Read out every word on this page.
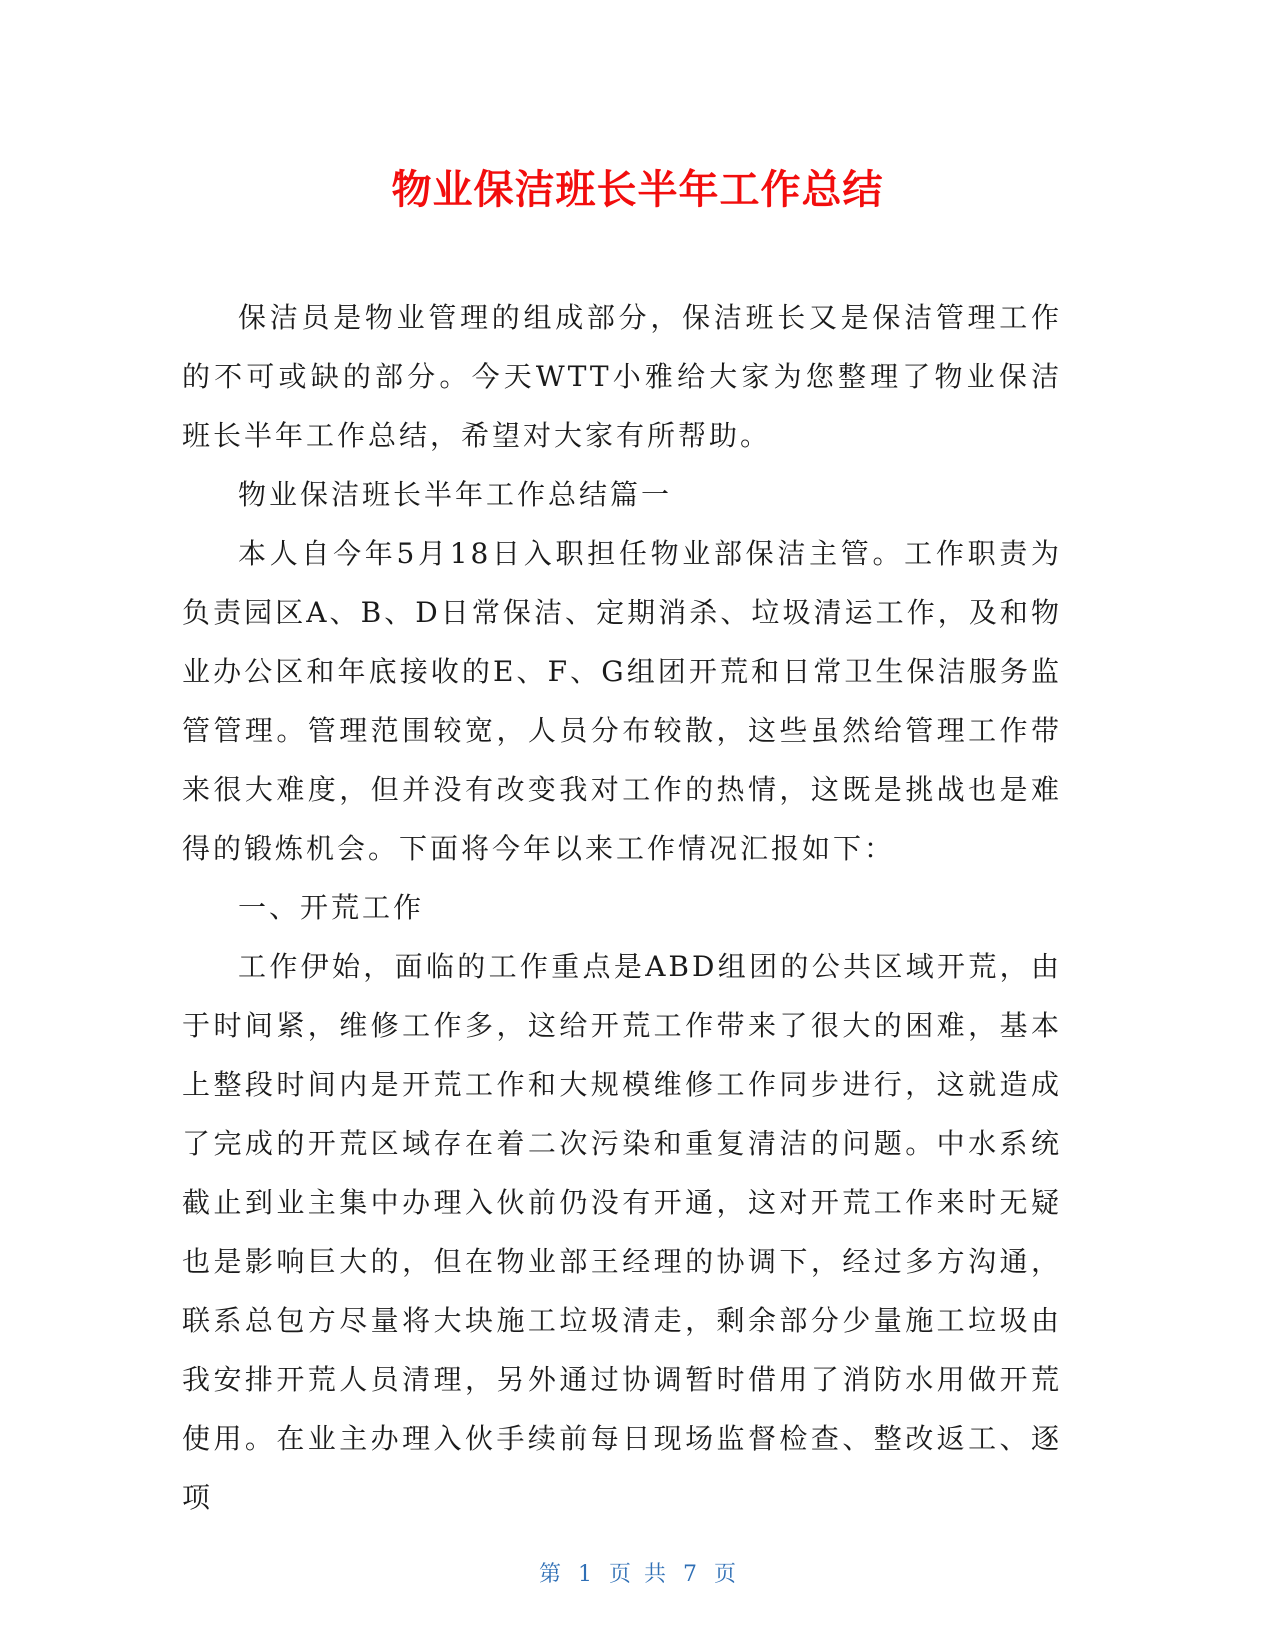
物业保洁班长半年工作总结

保洁员是物业管理的组成部分，保洁班长又是保洁管理工作的不可或缺的部分。今天WTT小雅给大家为您整理了物业保洁班长半年工作总结，希望对大家有所帮助。

物业保洁班长半年工作总结篇一

本人自今年5月18日入职担任物业部保洁主管。工作职责为负责园区A、B、D日常保洁、定期消杀、垃圾清运工作，及和物业办公区和年底接收的E、F、G组团开荒和日常卫生保洁服务监管管理。管理范围较宽，人员分布较散，这些虽然给管理工作带来很大难度，但并没有改变我对工作的热情，这既是挑战也是难得的锻炼机会。下面将今年以来工作情况汇报如下：

一、开荒工作

工作伊始，面临的工作重点是ABD组团的公共区域开荒，由于时间紧，维修工作多，这给开荒工作带来了很大的困难，基本上整段时间内是开荒工作和大规模维修工作同步进行，这就造成了完成的开荒区域存在着二次污染和重复清洁的问题。中水系统截止到业主集中办理入伙前仍没有开通，这对开荒工作来时无疑也是影响巨大的，但在物业部王经理的协调下，经过多方沟通，联系总包方尽量将大块施工垃圾清走，剩余部分少量施工垃圾由我安排开荒人员清理，另外通过协调暂时借用了消防水用做开荒使用。在业主办理入伙手续前每日现场监督检查、整改返工、逐项

第 1 页 共 7 页
